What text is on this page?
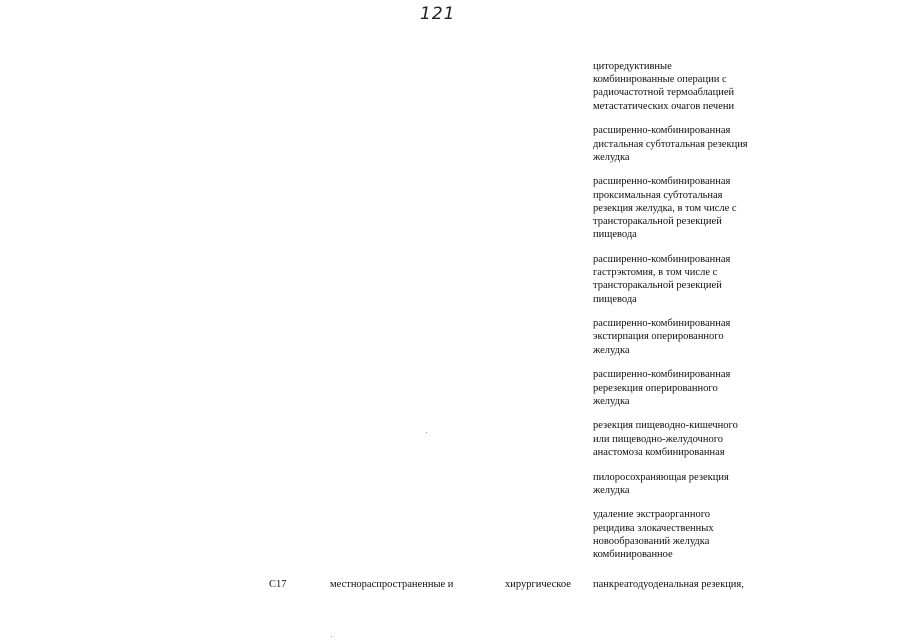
121
циторедуктивные
комбинированные операции с
радиочастотной термоаблацией
метастатических очагов печени
расширенно-комбинированная
дистальная субтотальная резекция
желудка
расширенно-комбинированная
проксимальная субтотальная
резекция желудка, в том числе с
трансторакальной резекцией
пищевода
расширенно-комбинированная
гастрэктомия, в том числе с
трансторакальной резекцией
пищевода
расширенно-комбинированная
экстирпация оперированного
желудка
расширенно-комбинированная
ререзекция оперированного
желудка
резекция пищеводно-кишечного
или пищеводно-желудочного
анастомоза комбинированная
пилоросохраняющая резекция
желудка
удаление экстраорганного
рецидива злокачественных
новообразований желудка
комбинированное
C17	местнораспространенные и	хирургическое панкреатодуоденальная резекция,
